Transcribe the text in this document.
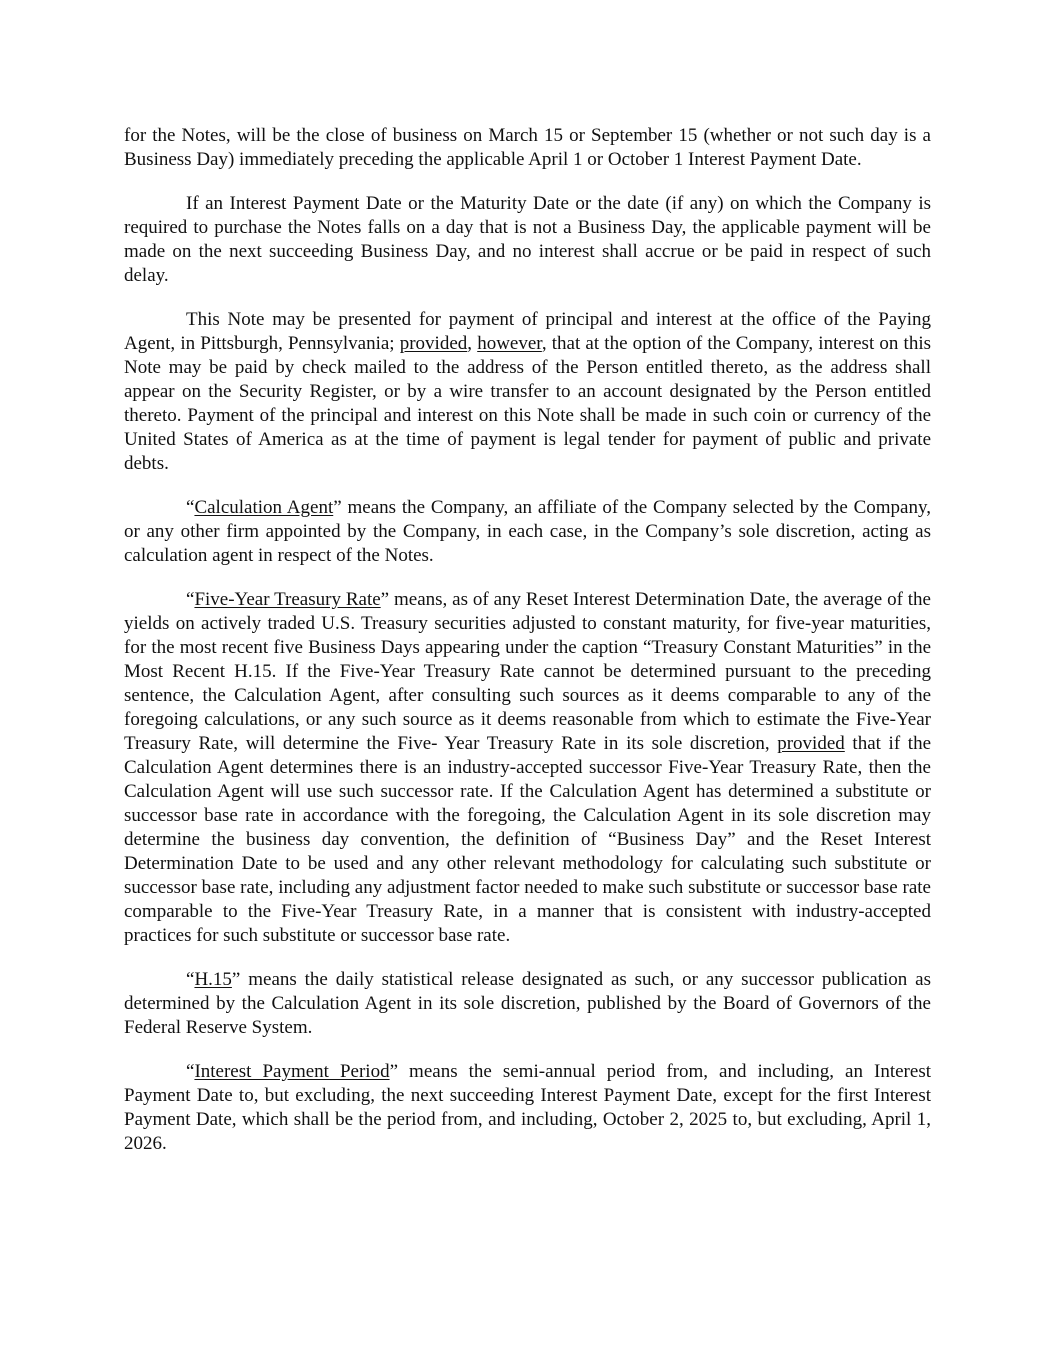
for the Notes, will be the close of business on March 15 or September 15 (whether or not such day is a Business Day) immediately preceding the applicable April 1 or October 1 Interest Payment Date.

If an Interest Payment Date or the Maturity Date or the date (if any) on which the Company is required to purchase the Notes falls on a day that is not a Business Day, the applicable payment will be made on the next succeeding Business Day, and no interest shall accrue or be paid in respect of such delay.

This Note may be presented for payment of principal and interest at the office of the Paying Agent, in Pittsburgh, Pennsylvania; provided, however, that at the option of the Company, interest on this Note may be paid by check mailed to the address of the Person entitled thereto, as the address shall appear on the Security Register, or by a wire transfer to an account designated by the Person entitled thereto. Payment of the principal and interest on this Note shall be made in such coin or currency of the United States of America as at the time of payment is legal tender for payment of public and private debts.

“Calculation Agent” means the Company, an affiliate of the Company selected by the Company, or any other firm appointed by the Company, in each case, in the Company’s sole discretion, acting as calculation agent in respect of the Notes.

“Five-Year Treasury Rate” means, as of any Reset Interest Determination Date, the average of the yields on actively traded U.S. Treasury securities adjusted to constant maturity, for five-year maturities, for the most recent five Business Days appearing under the caption “Treasury Constant Maturities” in the Most Recent H.15. If the Five-Year Treasury Rate cannot be determined pursuant to the preceding sentence, the Calculation Agent, after consulting such sources as it deems comparable to any of the foregoing calculations, or any such source as it deems reasonable from which to estimate the Five-Year Treasury Rate, will determine the Five- Year Treasury Rate in its sole discretion, provided that if the Calculation Agent determines there is an industry-accepted successor Five-Year Treasury Rate, then the Calculation Agent will use such successor rate. If the Calculation Agent has determined a substitute or successor base rate in accordance with the foregoing, the Calculation Agent in its sole discretion may determine the business day convention, the definition of “Business Day” and the Reset Interest Determination Date to be used and any other relevant methodology for calculating such substitute or successor base rate, including any adjustment factor needed to make such substitute or successor base rate comparable to the Five-Year Treasury Rate, in a manner that is consistent with industry-accepted practices for such substitute or successor base rate.

“H.15” means the daily statistical release designated as such, or any successor publication as determined by the Calculation Agent in its sole discretion, published by the Board of Governors of the Federal Reserve System.

“Interest Payment Period” means the semi-annual period from, and including, an Interest Payment Date to, but excluding, the next succeeding Interest Payment Date, except for the first Interest Payment Date, which shall be the period from, and including, October 2, 2025 to, but excluding, April 1, 2026.
